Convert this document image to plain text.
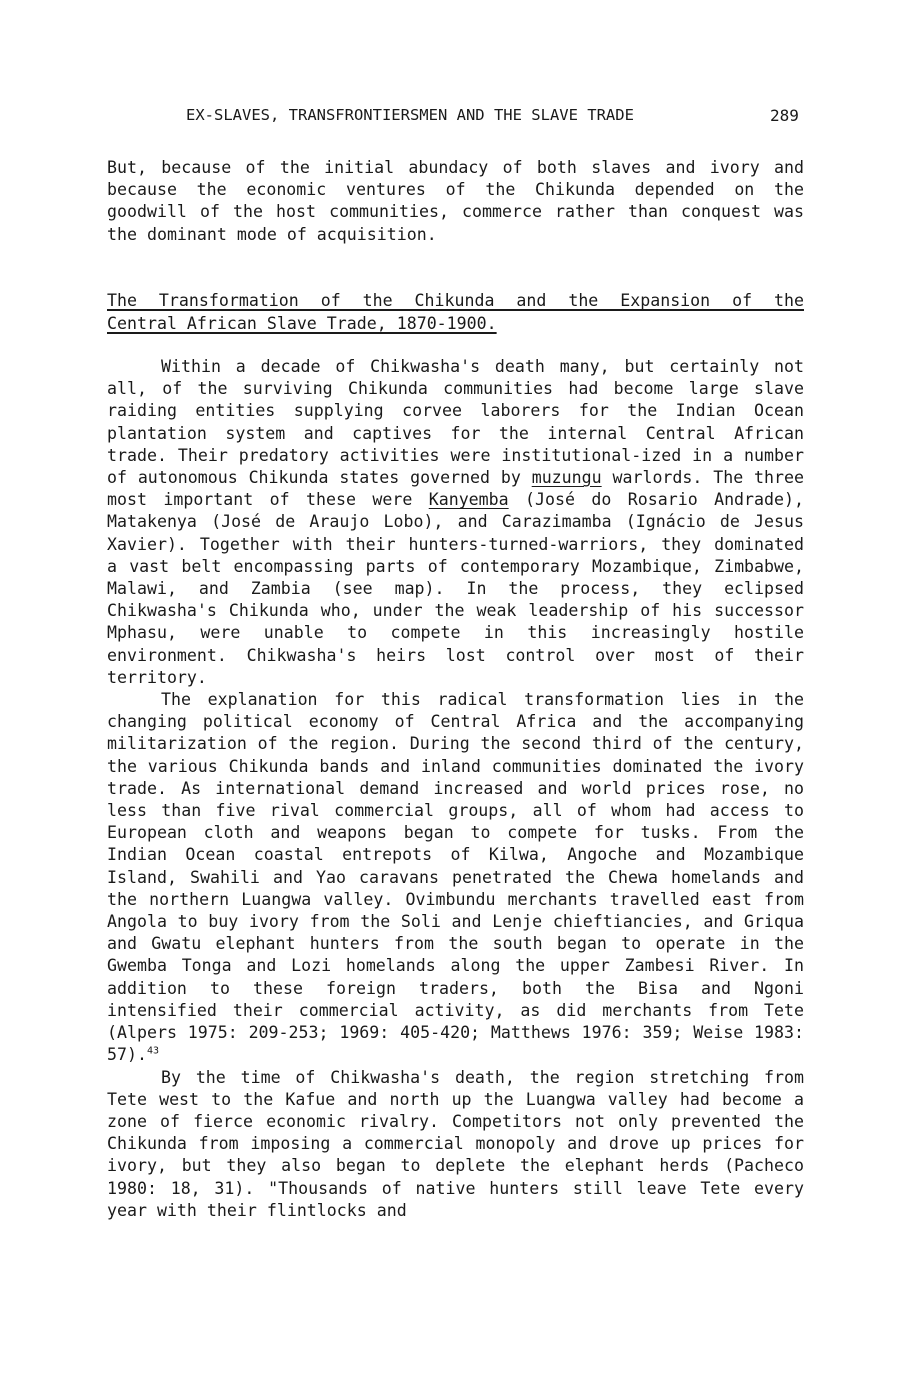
EX-SLAVES, TRANSFRONTIERSMEN AND THE SLAVE TRADE	289

But, because of the initial abundacy of both slaves and ivory and because the economic ventures of the Chikunda depended on the goodwill of the host communities, commerce rather than conquest was the dominant mode of acquisition.

The Transformation of the Chikunda and the Expansion of the
Central African Slave Trade, 1870-1900.

Within a decade of Chikwasha's death many, but certainly not all, of the surviving Chikunda communities had become large slave raiding entities supplying corvee laborers for the Indian Ocean plantation system and captives for the internal Central African trade. Their predatory activities were institutional-ized in a number of autonomous Chikunda states governed by muzungu warlords. The three most important of these were Kanyemba (José do Rosario Andrade), Matakenya (José de Araujo Lobo), and Carazimamba (Ignácio de Jesus Xavier). Together with their hunters-turned-warriors, they dominated a vast belt encompassing parts of contemporary Mozambique, Zimbabwe, Malawi, and Zambia (see map). In the process, they eclipsed Chikwasha's Chikunda who, under the weak leadership of his successor Mphasu, were unable to compete in this increasingly hostile environment. Chikwasha's heirs lost control over most of their territory.

The explanation for this radical transformation lies in the changing political economy of Central Africa and the accompanying militarization of the region. During the second third of the century, the various Chikunda bands and inland communities dominated the ivory trade. As international demand increased and world prices rose, no less than five rival commercial groups, all of whom had access to European cloth and weapons began to compete for tusks. From the Indian Ocean coastal entrepots of Kilwa, Angoche and Mozambique Island, Swahili and Yao caravans penetrated the Chewa homelands and the northern Luangwa valley. Ovimbundu merchants travelled east from Angola to buy ivory from the Soli and Lenje chieftiancies, and Griqua and Gwatu elephant hunters from the south began to operate in the Gwemba Tonga and Lozi homelands along the upper Zambesi River. In addition to these foreign traders, both the Bisa and Ngoni intensified their commercial activity, as did merchants from Tete (Alpers 1975: 209-253; 1969: 405-420; Matthews 1976: 359; Weise 1983: 57).$^{43}$

By the time of Chikwasha's death, the region stretching from Tete west to the Kafue and north up the Luangwa valley had become a zone of fierce economic rivalry. Competitors not only prevented the Chikunda from imposing a commercial monopoly and drove up prices for ivory, but they also began to deplete the elephant herds (Pacheco 1980: 18, 31). "Thousands of native hunters still leave Tete every year with their flintlocks and
